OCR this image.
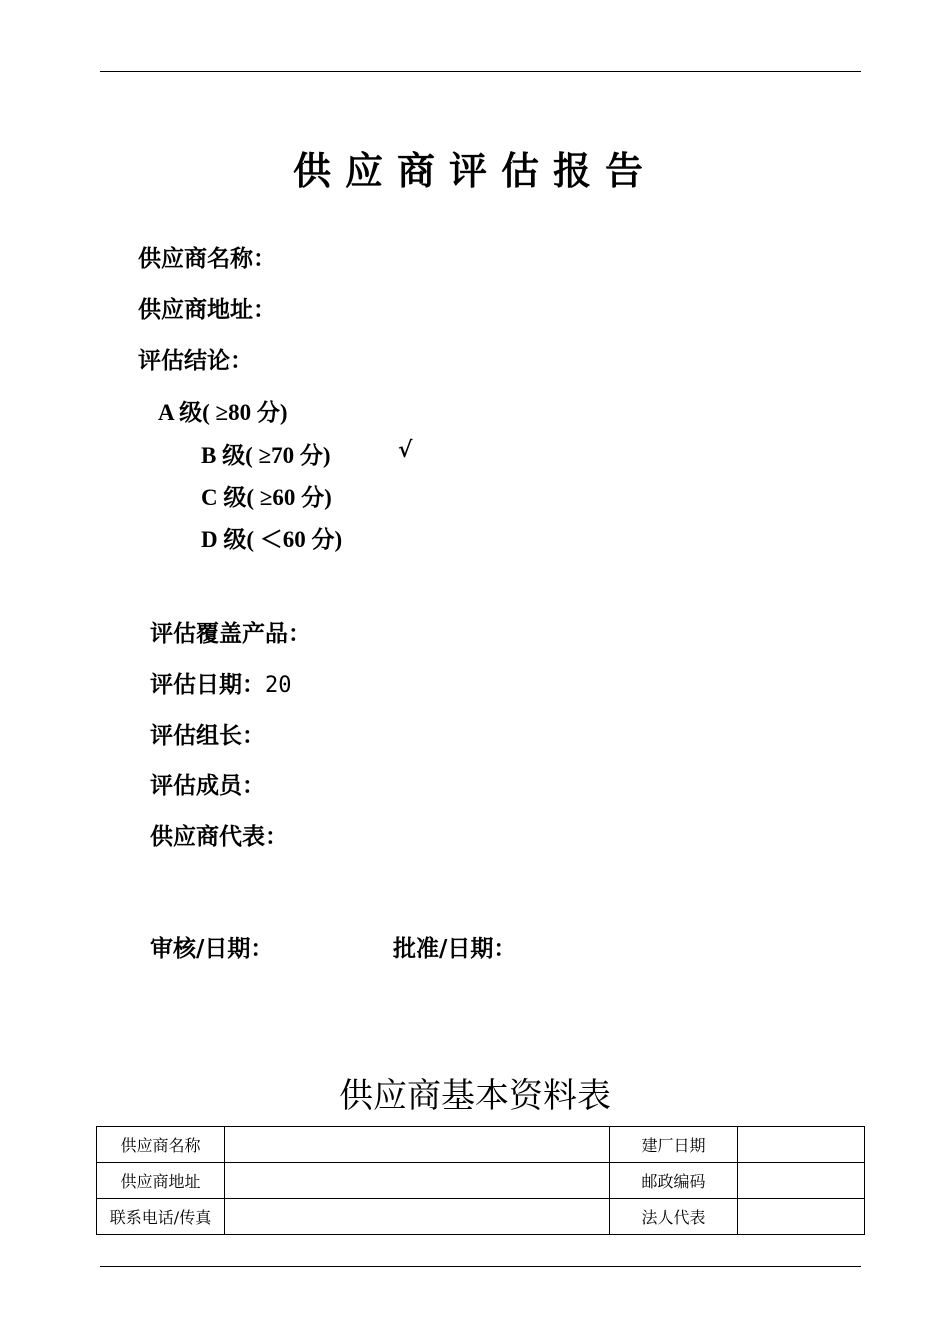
供应商评估报告
供应商名称：
供应商地址：
评估结论：
A 级( ≥80 分)
B 级( ≥70 分)	√
C 级( ≥60 分)
D 级( ＜60 分)
评估覆盖产品：
评估日期：20
评估组长：
评估成员：
供应商代表：
审核/日期：	批准/日期：
供应商基本资料表
供应商名称		建厂日期	
供应商地址		邮政编码	
联系电话/传真		法人代表	
